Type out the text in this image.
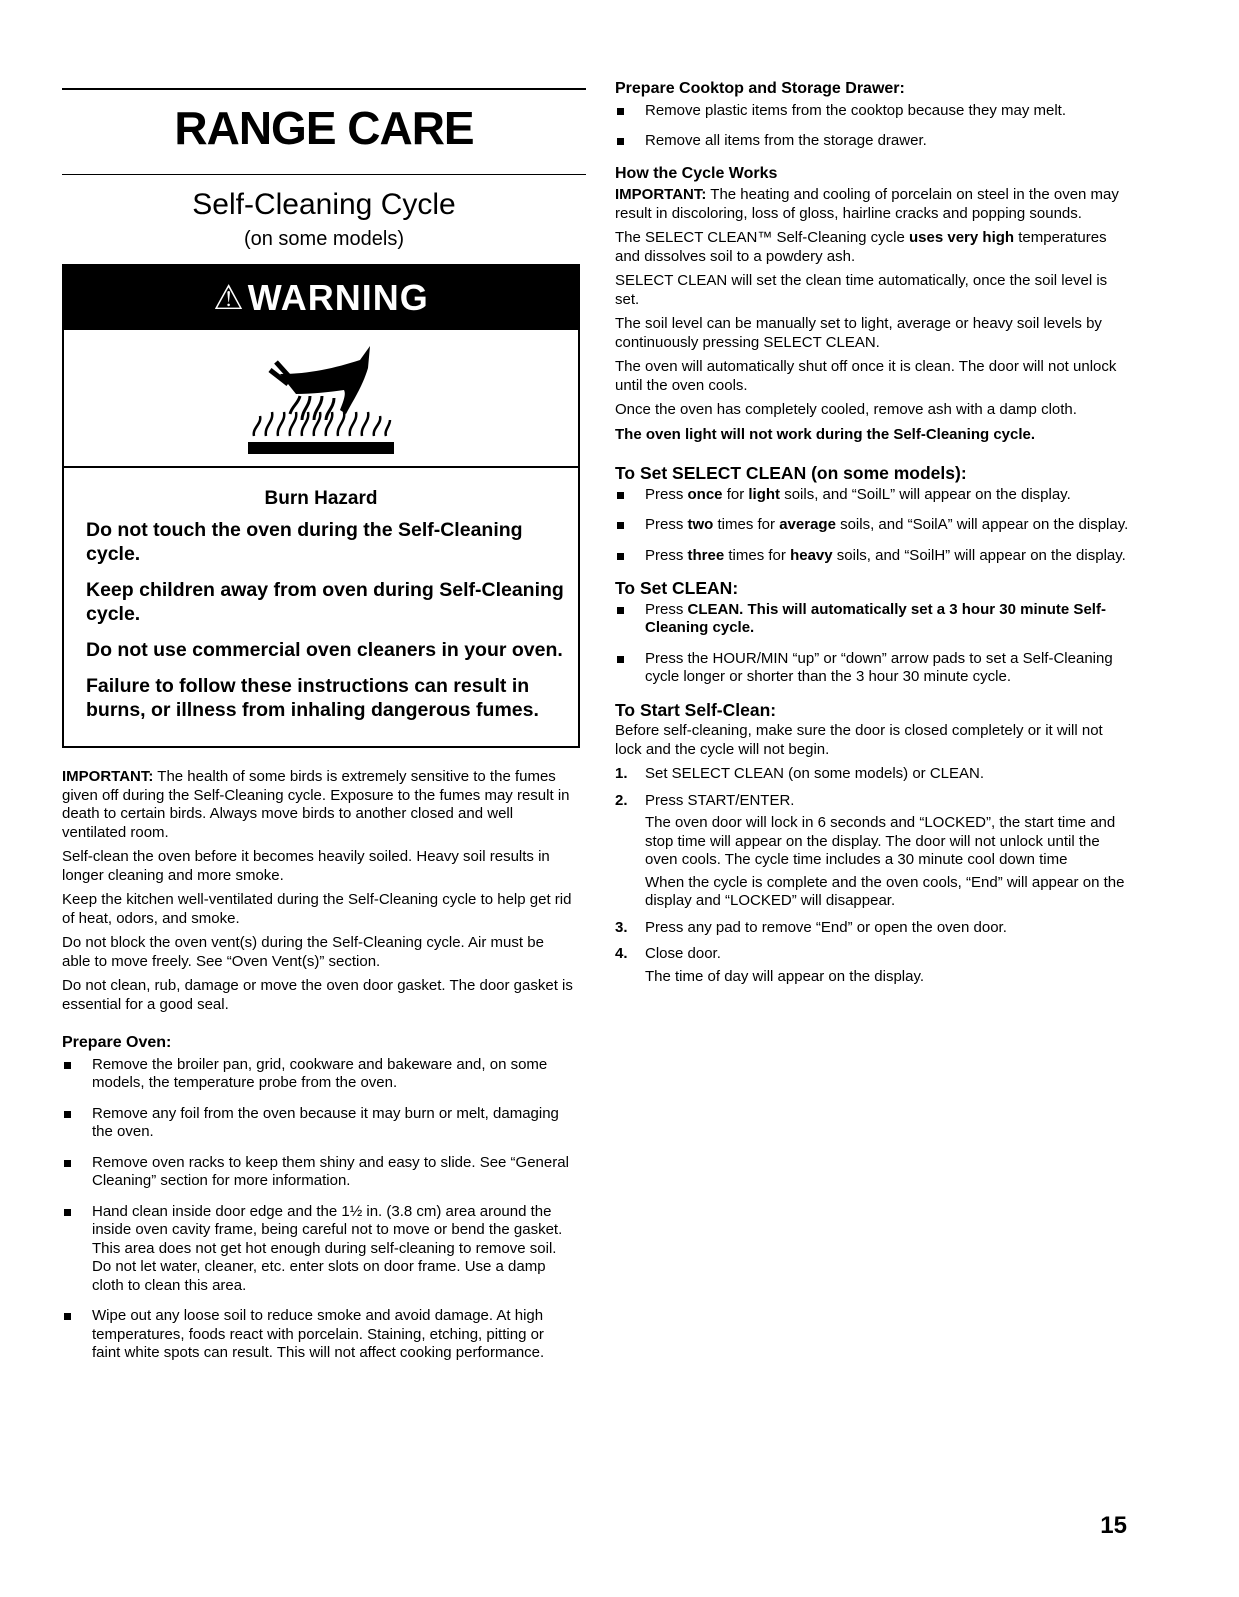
RANGE CARE
Self-Cleaning Cycle
(on some models)
⚠ WARNING
Burn Hazard

Do not touch the oven during the Self-Cleaning cycle.

Keep children away from oven during Self-Cleaning cycle.

Do not use commercial oven cleaners in your oven.

Failure to follow these instructions can result in burns, or illness from inhaling dangerous fumes.

IMPORTANT: The health of some birds is extremely sensitive to the fumes given off during the Self-Cleaning cycle. Exposure to the fumes may result in death to certain birds. Always move birds to another closed and well ventilated room.

Self-clean the oven before it becomes heavily soiled. Heavy soil results in longer cleaning and more smoke.

Keep the kitchen well-ventilated during the Self-Cleaning cycle to help get rid of heat, odors, and smoke.

Do not block the oven vent(s) during the Self-Cleaning cycle. Air must be able to move freely. See “Oven Vent(s)” section.

Do not clean, rub, damage or move the oven door gasket. The door gasket is essential for a good seal.

Prepare Oven:
Remove the broiler pan, grid, cookware and bakeware and, on some models, the temperature probe from the oven.
Remove any foil from the oven because it may burn or melt, damaging the oven.
Remove oven racks to keep them shiny and easy to slide. See “General Cleaning” section for more information.
Hand clean inside door edge and the 1½ in. (3.8 cm) area around the inside oven cavity frame, being careful not to move or bend the gasket. This area does not get hot enough during self-cleaning to remove soil. Do not let water, cleaner, etc. enter slots on door frame. Use a damp cloth to clean this area.
Wipe out any loose soil to reduce smoke and avoid damage. At high temperatures, foods react with porcelain. Staining, etching, pitting or faint white spots can result. This will not affect cooking performance.
Prepare Cooktop and Storage Drawer:
Remove plastic items from the cooktop because they may melt.
Remove all items from the storage drawer.
How the Cycle Works

IMPORTANT: The heating and cooling of porcelain on steel in the oven may result in discoloring, loss of gloss, hairline cracks and popping sounds.

The SELECT CLEAN™ Self-Cleaning cycle uses very high temperatures and dissolves soil to a powdery ash.

SELECT CLEAN will set the clean time automatically, once the soil level is set.

The soil level can be manually set to light, average or heavy soil levels by continuously pressing SELECT CLEAN.

The oven will automatically shut off once it is clean. The door will not unlock until the oven cools.

Once the oven has completely cooled, remove ash with a damp cloth.

The oven light will not work during the Self-Cleaning cycle.

To Set SELECT CLEAN (on some models):
Press once for light soils, and “SoilL” will appear on the display.
Press two times for average soils, and “SoilA” will appear on the display.
Press three times for heavy soils, and “SoilH” will appear on the display.
To Set CLEAN:
Press CLEAN. This will automatically set a 3 hour 30 minute Self-Cleaning cycle.
Press the HOUR/MIN “up” or “down” arrow pads to set a Self-Cleaning cycle longer or shorter than the 3 hour 30 minute cycle.
To Start Self-Clean:

Before self-cleaning, make sure the door is closed completely or it will not lock and the cycle will not begin.

1. Set SELECT CLEAN (on some models) or CLEAN.
2. Press START/ENTER.

The oven door will lock in 6 seconds and “LOCKED”, the start time and stop time will appear on the display. The door will not unlock until the oven cools. The cycle time includes a 30 minute cool down time

When the cycle is complete and the oven cools, “End” will appear on the display and “LOCKED” will disappear.

3. Press any pad to remove “End” or open the oven door.
4. Close door.

The time of day will appear on the display.

15
